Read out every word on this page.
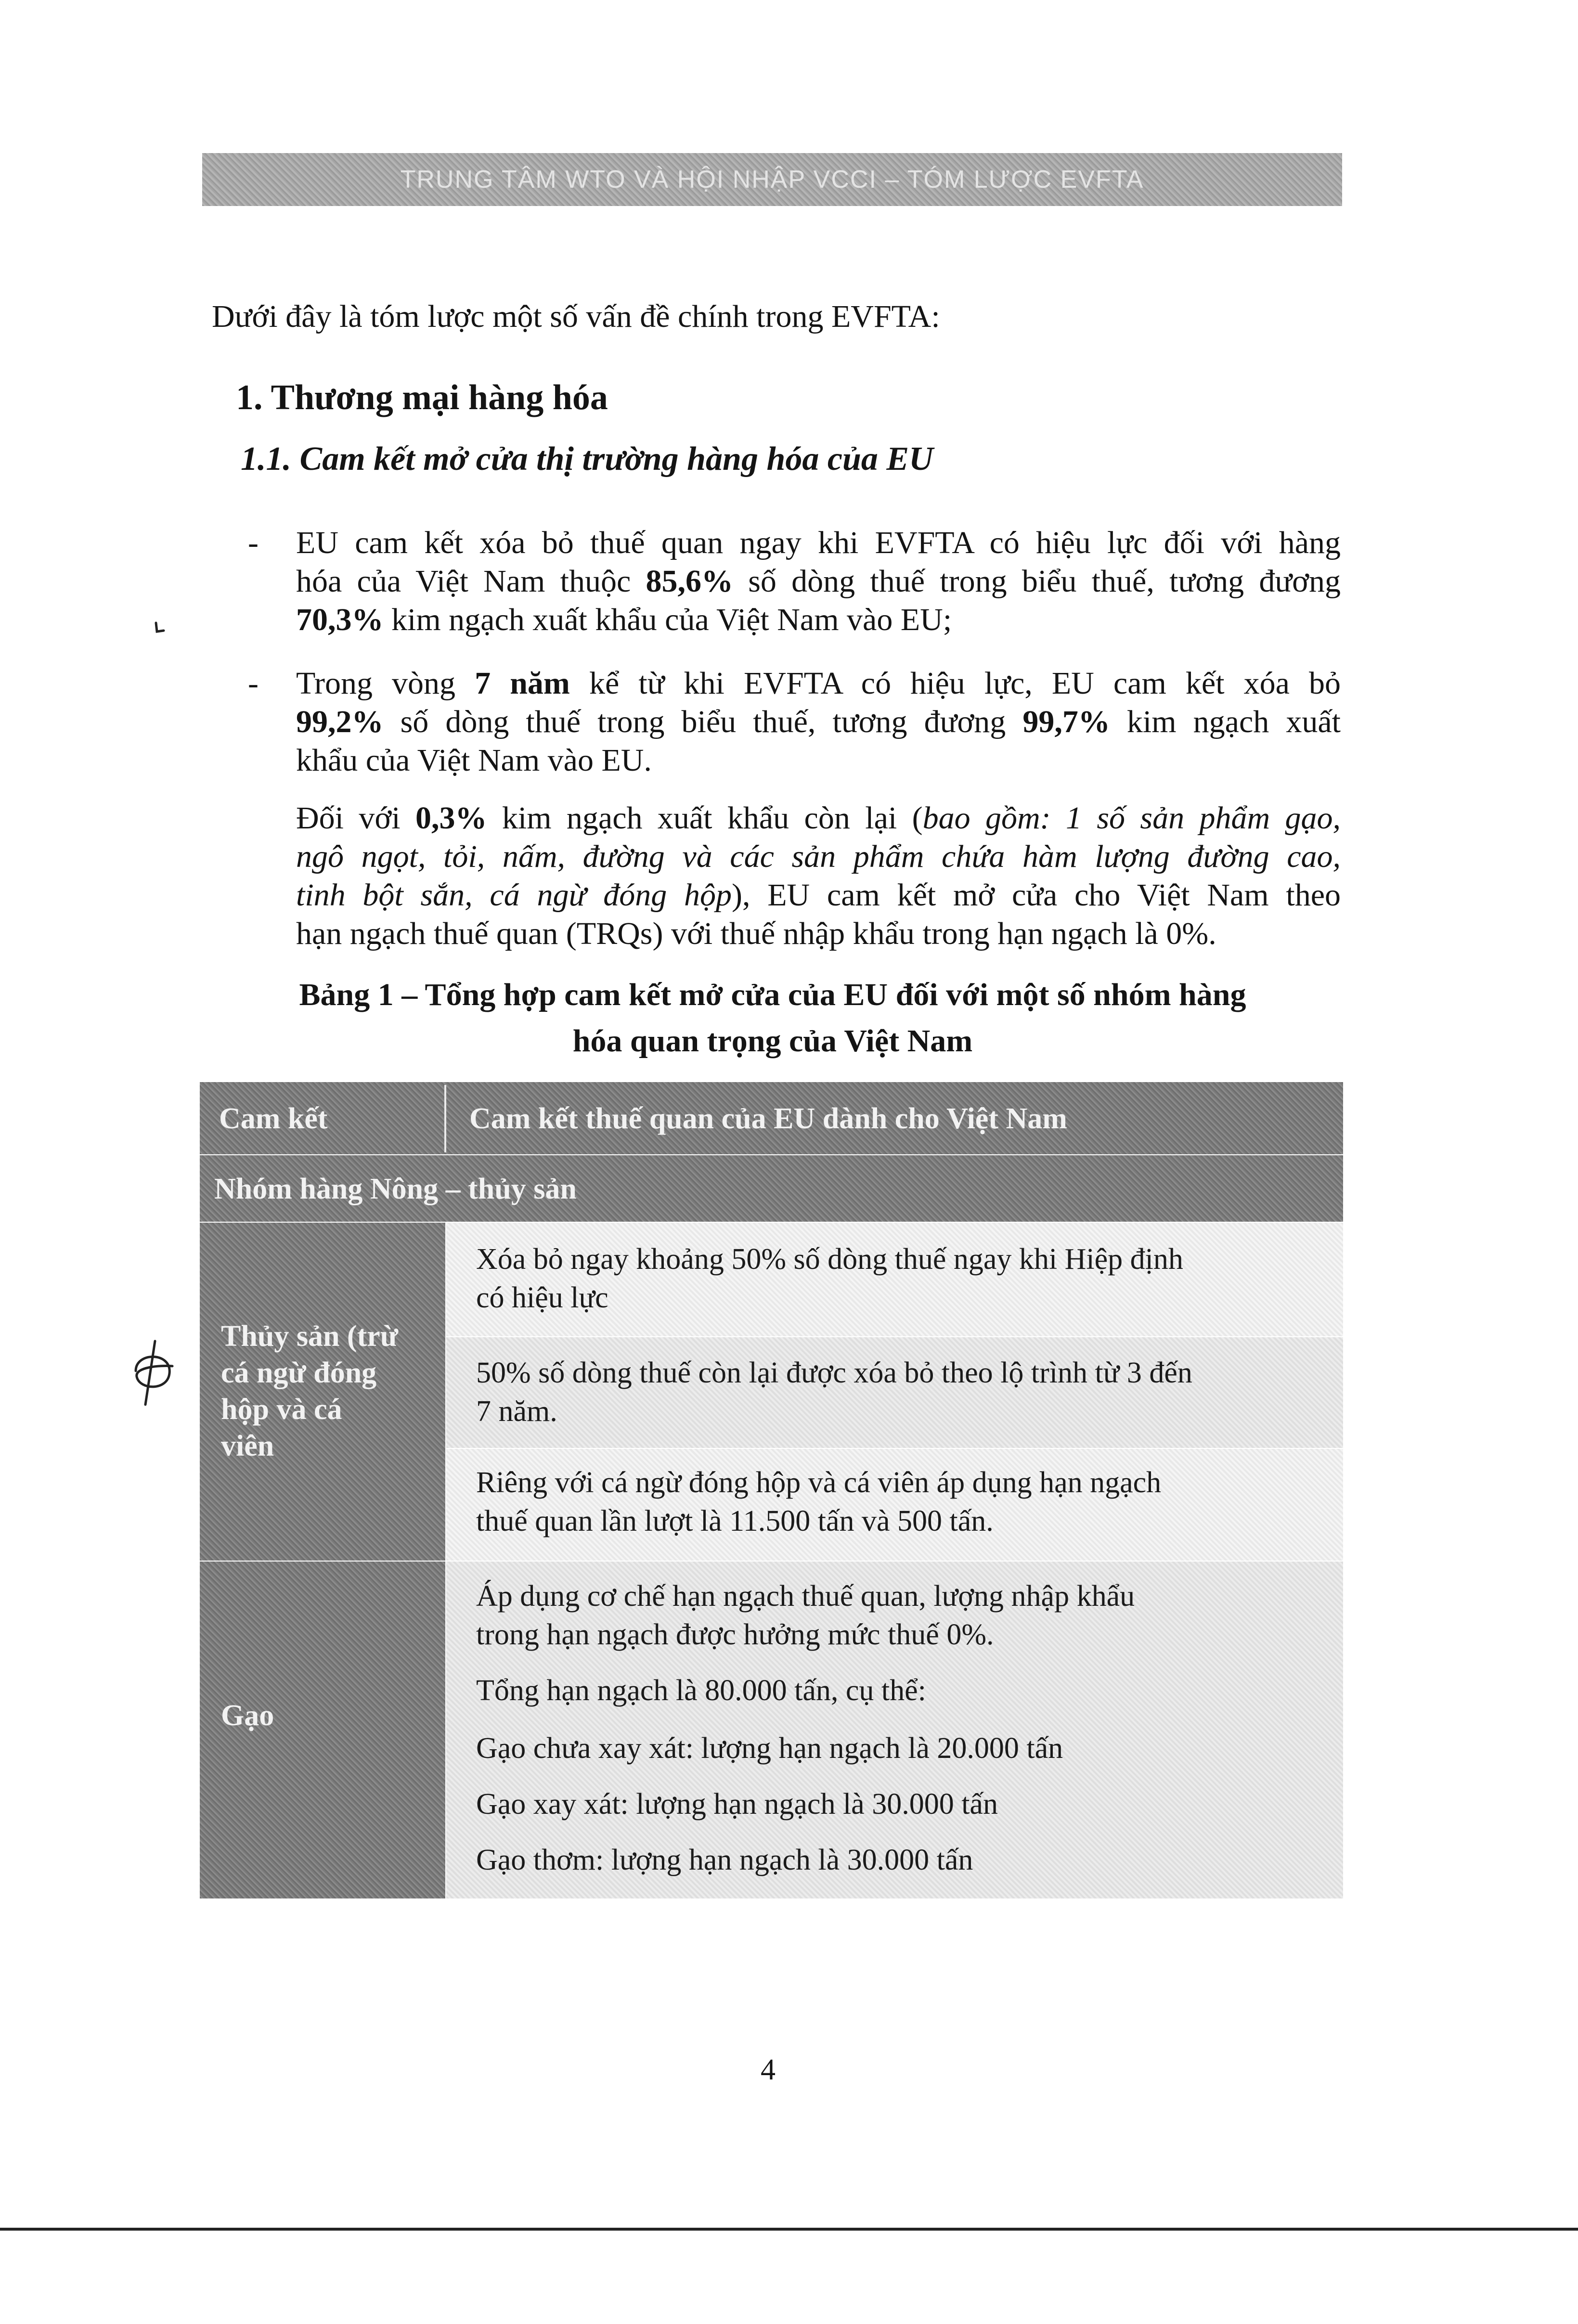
TRUNG TÂM WTO VÀ HỘI NHẬP VCCI – TÓM LƯỢC EVFTA
Dưới đây là tóm lược một số vấn đề chính trong EVFTA:
1. Thương mại hàng hóa
1.1. Cam kết mở cửa thị trường hàng hóa của EU
- EU cam kết xóa bỏ thuế quan ngay khi EVFTA có hiệu lực đối với hàng
hóa của Việt Nam thuộc 85,6% số dòng thuế trong biểu thuế, tương đương
70,3% kim ngạch xuất khẩu của Việt Nam vào EU;
- Trong vòng 7 năm kể từ khi EVFTA có hiệu lực, EU cam kết xóa bỏ
99,2% số dòng thuế trong biểu thuế, tương đương 99,7% kim ngạch xuất
khẩu của Việt Nam vào EU.
Đối với 0,3% kim ngạch xuất khẩu còn lại (bao gồm: 1 số sản phẩm gạo,
ngô ngọt, tỏi, nấm, đường và các sản phẩm chứa hàm lượng đường cao,
tinh bột sắn, cá ngừ đóng hộp), EU cam kết mở cửa cho Việt Nam theo
hạn ngạch thuế quan (TRQs) với thuế nhập khẩu trong hạn ngạch là 0%.
Bảng 1 – Tổng hợp cam kết mở cửa của EU đối với một số nhóm hàng
hóa quan trọng của Việt Nam
Cam kết	Cam kết thuế quan của EU dành cho Việt Nam
Nhóm hàng Nông – thủy sản
Thủy sản (trừ
cá ngừ đóng
hộp và cá
viên
Xóa bỏ ngay khoảng 50% số dòng thuế ngay khi Hiệp định
có hiệu lực
50% số dòng thuế còn lại được xóa bỏ theo lộ trình từ 3 đến
7 năm.
Riêng với cá ngừ đóng hộp và cá viên áp dụng hạn ngạch
thuế quan lần lượt là 11.500 tấn và 500 tấn.
Gạo
Áp dụng cơ chế hạn ngạch thuế quan, lượng nhập khẩu
trong hạn ngạch được hưởng mức thuế 0%.
Tổng hạn ngạch là 80.000 tấn, cụ thể:
Gạo chưa xay xát: lượng hạn ngạch là 20.000 tấn
Gạo xay xát: lượng hạn ngạch là 30.000 tấn
Gạo thơm: lượng hạn ngạch là 30.000 tấn
4
